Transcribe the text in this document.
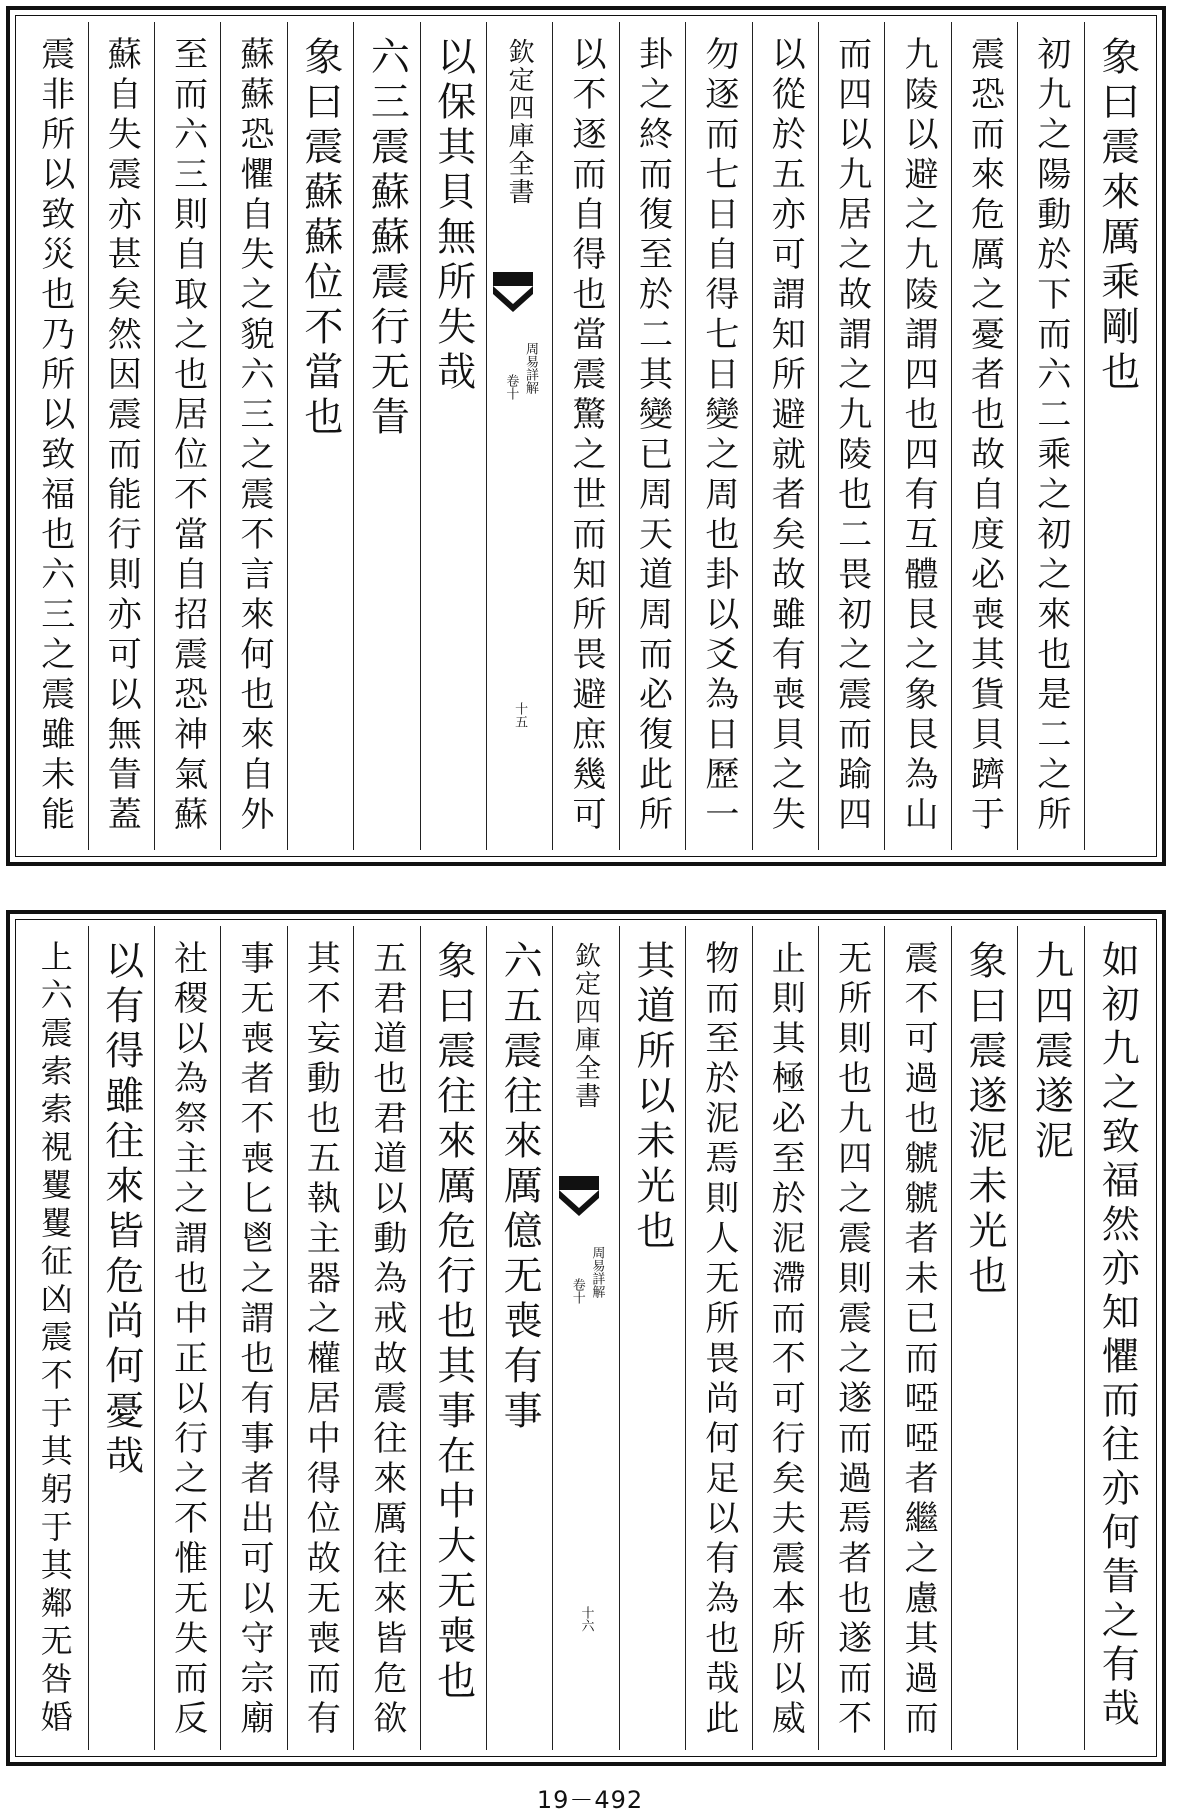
象曰震來厲乘剛也
初九之陽動於下而六二乘之初之來也是二之所
震恐而來危厲之憂者也故自度必喪其貨貝躋于
九陵以避之九陵謂四也四有互體艮之象艮為山
而四以九居之故謂之九陵也二畏初之震而踰四
以從於五亦可謂知所避就者矣故雖有喪貝之失
勿逐而七日自得七日變之周也卦以爻為日歷一
卦之終而復至於二其變已周天道周而必復此所
以不逐而自得也當震驚之世而知所畏避庶幾可
欽定四庫全書
周易詳解
卷十
十五
以保其貝無所失哉
六三震蘇蘇震行无眚
象曰震蘇蘇位不當也
蘇蘇恐懼自失之貌六三之震不言來何也來自外
至而六三則自取之也居位不當自招震恐神氣蘇
蘇自失震亦甚矣然因震而能行則亦可以無眚蓋
震非所以致災也乃所以致福也六三之震雖未能
如初九之致福然亦知懼而往亦何眚之有哉
九四震遂泥
象曰震遂泥未光也
震不可過也虩虩者未已而啞啞者繼之慮其過而
无所則也九四之震則震之遂而過焉者也遂而不
止則其極必至於泥滯而不可行矣夫震本所以威
物而至於泥焉則人无所畏尚何足以有為也哉此
其道所以未光也
欽定四庫全書
周易詳解
卷十
十六
六五震往來厲億无喪有事
象曰震往來厲危行也其事在中大无喪也
五君道也君道以動為戒故震往來厲往來皆危欲
其不妄動也五執主器之權居中得位故无喪而有
事无喪者不喪匕鬯之謂也有事者出可以守宗廟
社稷以為祭主之謂也中正以行之不惟无失而反
以有得雖往來皆危尚何憂哉
上六震索索視矍矍征凶震不于其躬于其鄰无咎婚
19－492
